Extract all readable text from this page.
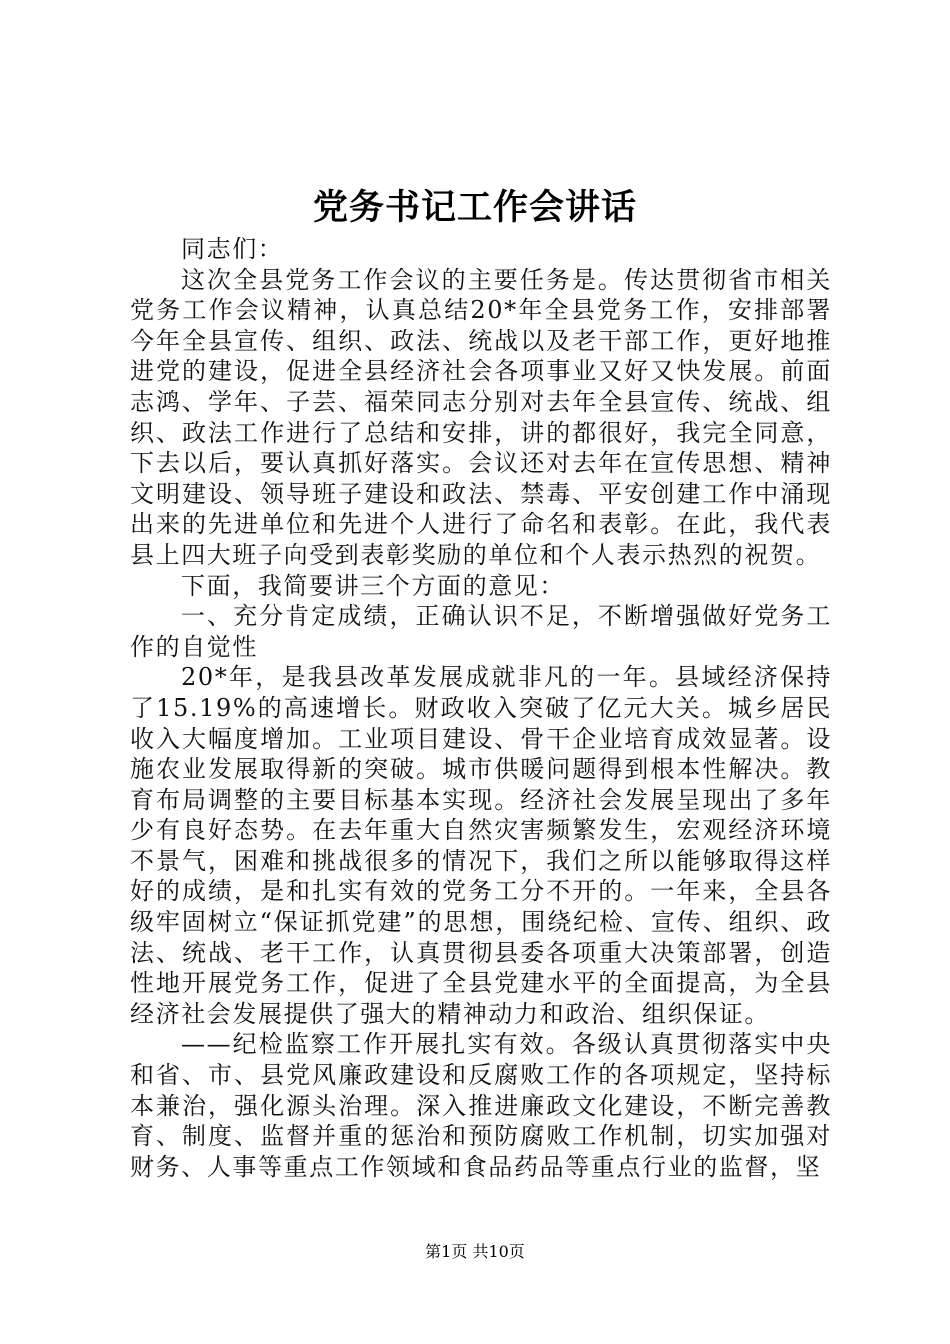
党务书记工作会讲话

同志们：

这次全县党务工作会议的主要任务是。传达贯彻省市相关党务工作会议精神，认真总结20*年全县党务工作，安排部署今年全县宣传、组织、政法、统战以及老干部工作，更好地推进党的建设，促进全县经济社会各项事业又好又快发展。前面志鸿、学年、子芸、福荣同志分别对去年全县宣传、统战、组织、政法工作进行了总结和安排，讲的都很好，我完全同意，下去以后，要认真抓好落实。会议还对去年在宣传思想、精神文明建设、领导班子建设和政法、禁毒、平安创建工作中涌现出来的先进单位和先进个人进行了命名和表彰。在此，我代表县上四大班子向受到表彰奖励的单位和个人表示热烈的祝贺。

下面，我简要讲三个方面的意见：

一、充分肯定成绩，正确认识不足，不断增强做好党务工作的自觉性

20*年，是我县改革发展成就非凡的一年。县域经济保持了15.19%的高速增长。财政收入突破了亿元大关。城乡居民收入大幅度增加。工业项目建设、骨干企业培育成效显著。设施农业发展取得新的突破。城市供暖问题得到根本性解决。教育布局调整的主要目标基本实现。经济社会发展呈现出了多年少有良好态势。在去年重大自然灾害频繁发生，宏观经济环境不景气，困难和挑战很多的情况下，我们之所以能够取得这样好的成绩，是和扎实有效的党务工分不开的。一年来，全县各级牢固树立“保证抓党建”的思想，围绕纪检、宣传、组织、政法、统战、老干工作，认真贯彻县委各项重大决策部署，创造性地开展党务工作，促进了全县党建水平的全面提高，为全县经济社会发展提供了强大的精神动力和政治、组织保证。

——纪检监察工作开展扎实有效。各级认真贯彻落实中央和省、市、县党风廉政建设和反腐败工作的各项规定，坚持标本兼治，强化源头治理。深入推进廉政文化建设，不断完善教育、制度、监督并重的惩治和预防腐败工作机制，切实加强对财务、人事等重点工作领域和食品药品等重点行业的监督，坚

第1页 共10页
